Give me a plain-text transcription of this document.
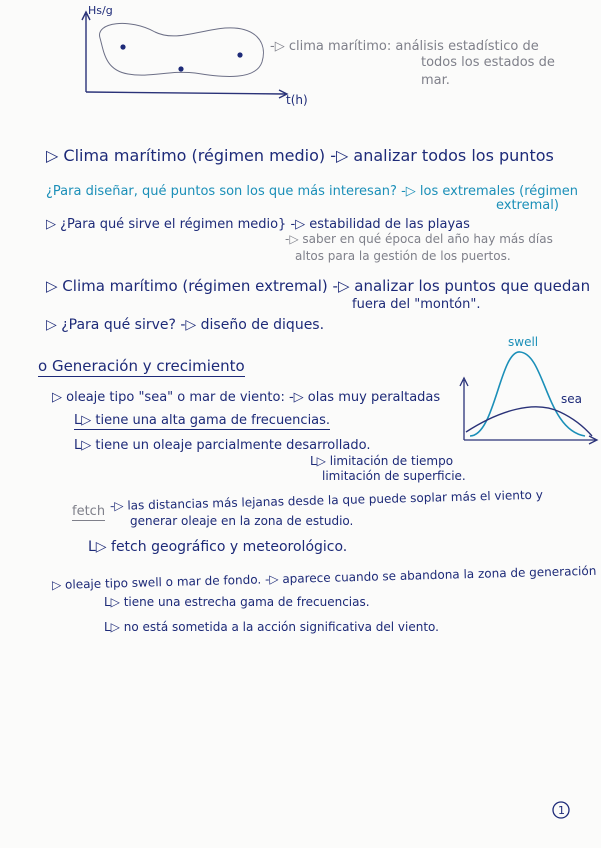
Hs/g
t(h)
-▷ clima marítimo: análisis estadístico de
todos los estados de
mar.
▷ Clima marítimo (régimen medio) -▷ analizar todos los puntos
¿Para diseñar, qué puntos son los que más interesan? -▷ los extremales (régimen
extremal)
▷ ¿Para qué sirve el régimen medio} -▷ estabilidad de las playas
-▷ saber en qué época del año hay más días
altos para la gestión de los puertos.
▷ Clima marítimo (régimen extremal) -▷ analizar los puntos que quedan
fuera del "montón".
▷ ¿Para qué sirve? -▷ diseño de diques.
o Generación y crecimiento
▷ oleaje tipo "sea" o mar de viento: -▷ olas muy peraltadas
L▷ tiene una alta gama de frecuencias.
L▷ tiene un oleaje parcialmente desarrollado.
L▷ limitación de tiempo
limitación de superficie.
swell
sea
fetch -▷ las distancias más lejanas desde la que puede soplar más el viento y
generar oleaje en la zona de estudio.
L▷ fetch geográfico y meteorológico.
▷ oleaje tipo swell o mar de fondo. -▷ aparece cuando se abandona la zona de generación
L▷ tiene una estrecha gama de frecuencias.
L▷ no está sometida a la acción significativa del viento.
1
